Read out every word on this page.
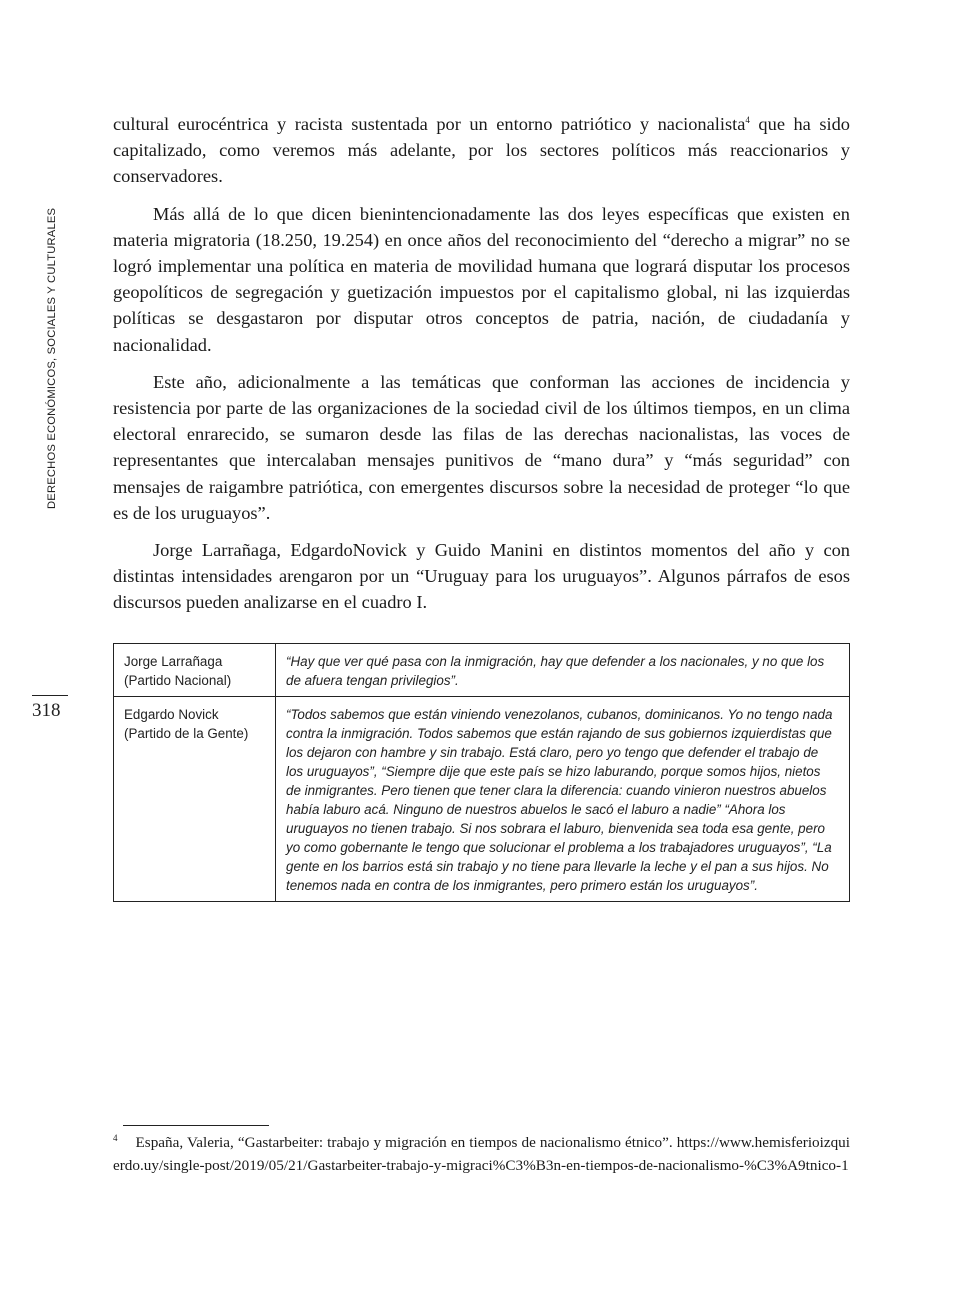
DERECHOS ECONÓMICOS, SOCIALES Y CULTURALES
318

cultural eurocéntrica y racista sustentada por un entorno patriótico y nacionalista$^4$ que ha sido capitalizado, como veremos más adelante, por los sectores políticos más reaccionarios y conservadores.

Más allá de lo que dicen bienintencionadamente las dos leyes específicas que existen en materia migratoria (18.250, 19.254) en once años del reconocimiento del “derecho a migrar” no se logró implementar una política en materia de movilidad humana que logrará disputar los procesos geopolíticos de segregación y guetización impuestos por el capitalismo global, ni las izquierdas políticas se desgastaron por disputar otros conceptos de patria, nación, de ciudadanía y nacionalidad.

Este año, adicionalmente a las temáticas que conforman las acciones de incidencia y resistencia por parte de las organizaciones de la sociedad civil de los últimos tiempos, en un clima electoral enrarecido, se sumaron desde las filas de las derechas nacionalistas, las voces de representantes que intercalaban mensajes punitivos de “mano dura” y “más seguridad” con mensajes de raigambre patriótica, con emergentes discursos sobre la necesidad de proteger “lo que es de los uruguayos”.

Jorge Larrañaga, EdgardoNovick y Guido Manini en distintos momentos del año y con distintas intensidades arengaron por un “Uruguay para los uruguayos”. Algunos párrafos de esos discursos pueden analizarse en el cuadro I.

Jorge Larrañaga
(Partido Nacional)	“Hay que ver qué pasa con la inmigración, hay que defender a los nacionales, y no que los de afuera tengan privilegios”.

Edgardo Novick
(Partido de la Gente)	“Todos sabemos que están viniendo venezolanos, cubanos, dominicanos. Yo no tengo nada contra la inmigración. Todos sabemos que están rajando de sus gobiernos izquierdistas que los dejaron con hambre y sin trabajo. Está claro, pero yo tengo que defender el trabajo de los uruguayos”, “Siempre dije que este país se hizo laburando, porque somos hijos, nietos de inmigrantes. Pero tienen que tener clara la diferencia: cuando vinieron nuestros abuelos había laburo acá. Ninguno de nuestros abuelos le sacó el laburo a nadie” “Ahora los uruguayos no tienen trabajo. Si nos sobrara el laburo, bienvenida sea toda esa gente, pero yo como gobernante le tengo que solucionar el problema a los trabajadores uruguayos”, “La gente en los barrios está sin trabajo y no tiene para llevarle la leche y el pan a sus hijos. No tenemos nada en contra de los inmigrantes, pero primero están los uruguayos”.
$^4$ España, Valeria, “Gastarbeiter: trabajo y migración en tiempos de nacionalismo étnico”. https://www.hemisferioizquierdo.uy/single-post/2019/05/21/Gastarbeiter-trabajo-y-migraci%C3%B3n-en-tiempos-de-nacionalismo-%C3%A9tnico-1
